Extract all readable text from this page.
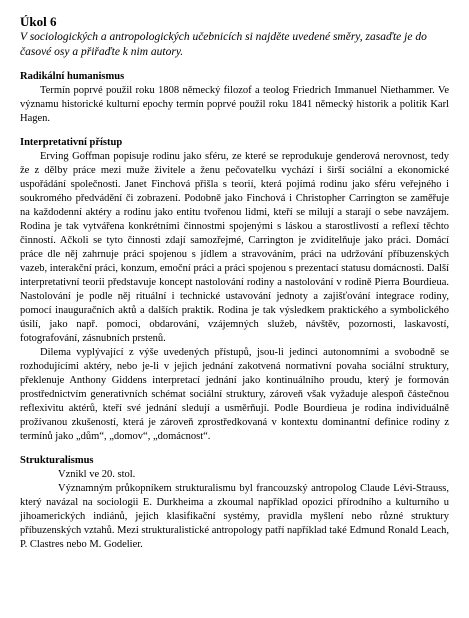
Úkol 6

V sociologických a antropologických učebnicích si najděte uvedené směry, zasaďte je do časové osy a přiřaďte k nim autory.

Radikální humanismus

Termín poprvé použil roku 1808 německý filozof a teolog Friedrich Immanuel Niethammer. Ve významu historické kulturní epochy termín poprvé použil roku 1841 německý historik a politik Karl Hagen.

Interpretativní přístup

Erving Goffman popisuje rodinu jako sféru, ze které se reprodukuje genderová nerovnost, tedy že z dělby práce mezi muže živitele a ženu pečovatelku vychází i širší sociální a ekonomické uspořádání společnosti. Janet Finchová přišla s teorií, která pojímá rodinu jako sféru veřejného i soukromého předvádění či zobrazení. Podobně jako Finchová i Christopher Carrington se zaměřuje na každodenní aktéry a rodinu jako entitu tvořenou lidmi, kteří se milují a starají o sebe navzájem. Rodina je tak vytvářena konkrétními činnostmi spojenými s láskou a starostlivostí a reflexí těchto činností. Ačkoli se tyto činnosti zdají samozřejmé, Carrington je zviditelňuje jako práci. Domácí práce dle něj zahrnuje práci spojenou s jídlem a stravováním, práci na udržování příbuzenských vazeb, interakční práci, konzum, emoční práci a práci spojenou s prezentací statusu domácnosti. Další interpretativní teorii představuje koncept nastolování rodiny a nastolování v rodině Pierra Bourdieua. Nastolování je podle něj rituální i technické ustavování jednoty a zajišťování integrace rodiny, pomocí inauguračních aktů a dalších praktik. Rodina je tak výsledkem praktického a symbolického úsilí, jako např. pomoci, obdarování, vzájemných služeb, návštěv, pozornosti, laskavostí, fotografování, zásnubních prstenů.

Dilema vyplývající z výše uvedených přístupů, jsou-li jedinci autonomními a svobodně se rozhodujícími aktéry, nebo je-li v jejich jednání zakotvená normativní povaha sociální struktury, překlenuje Anthony Giddens interpretací jednání jako kontinuálního proudu, který je formován prostřednictvím generativních schémat sociální struktury, zároveň však vyžaduje alespoň částečnou reflexivitu aktérů, kteří své jednání sledují a usměrňují. Podle Bourdieua je rodina individuálně prožívanou zkušeností, která je zároveň zprostředkovaná v kontextu dominantní definice rodiny z termínů jako „dům“, „domov“, „domácnost“.

Strukturalismus

Vznikl ve 20. stol.

Významným průkopníkem strukturalismu byl francouzský antropolog Claude Lévi-Strauss, který navázal na sociologii E. Durkheima a zkoumal například opozici přírodního a kulturního u jihoamerických indiánů, jejich klasifikační systémy, pravidla myšlení nebo různé struktury příbuzenských vztahů. Mezi strukturalistické antropology patří například také Edmund Ronald Leach, P. Clastres nebo M. Godelier.
